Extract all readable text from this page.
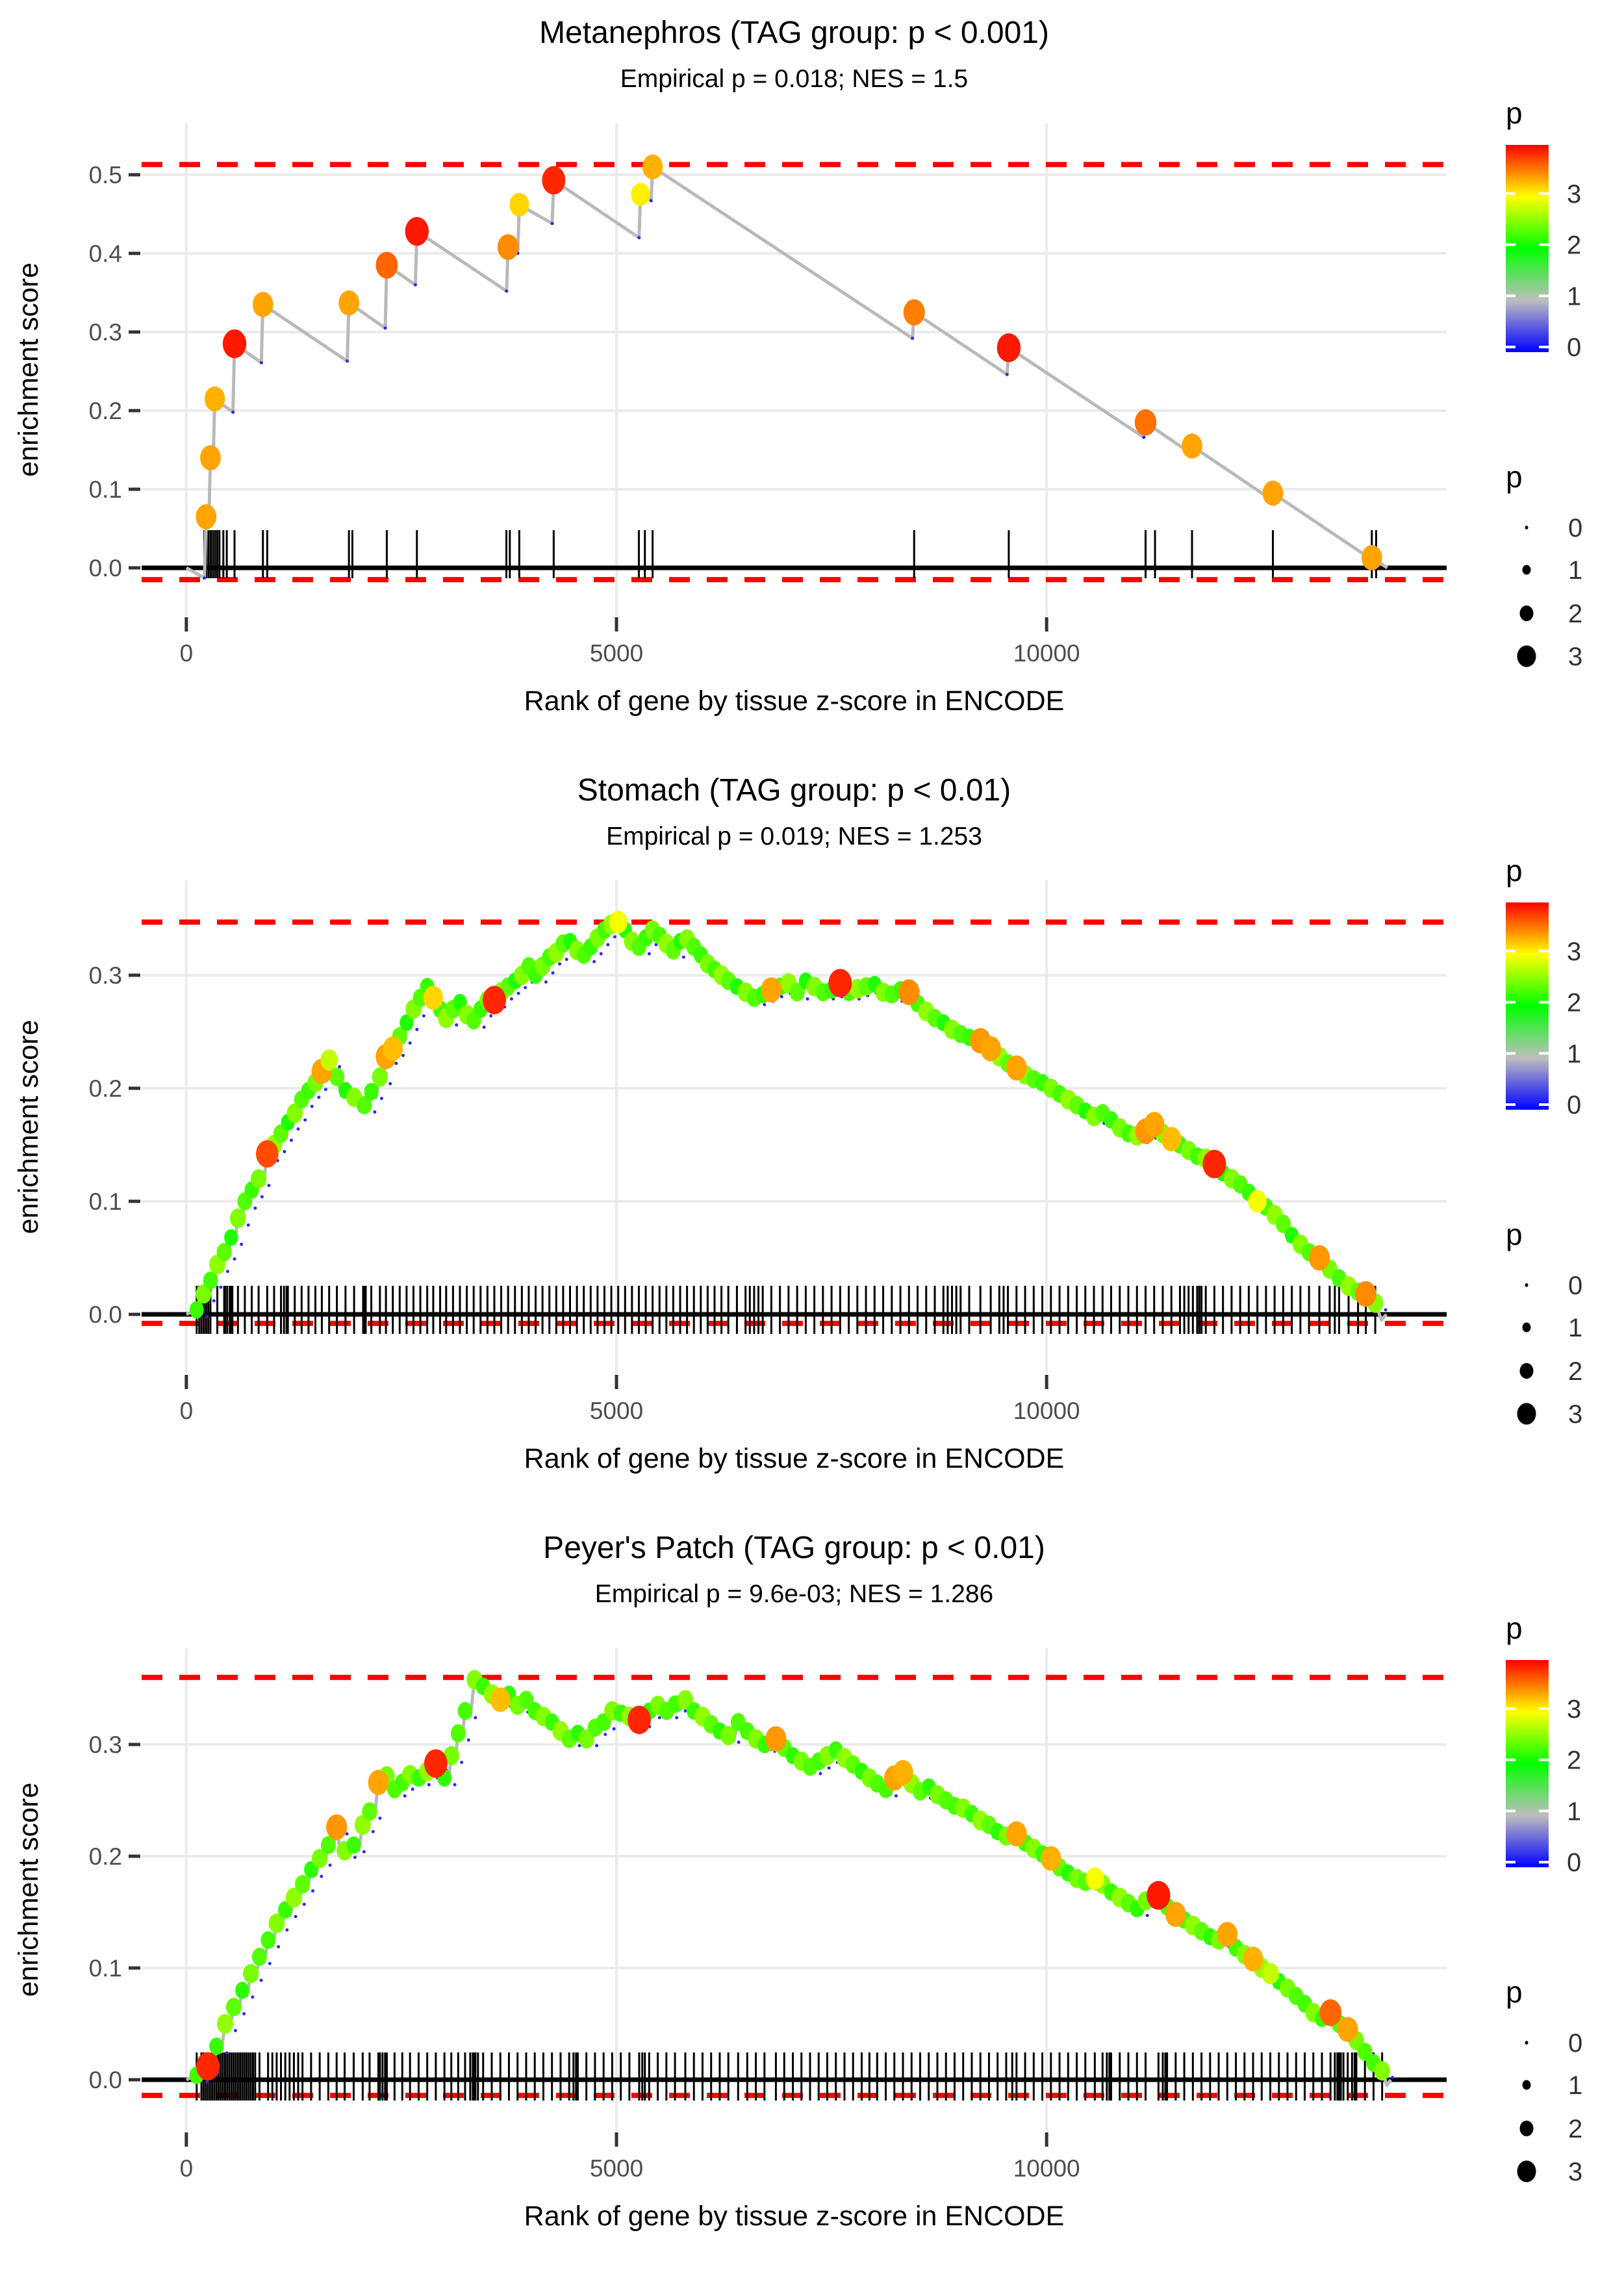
0.0
0.1
0.2
0.3
0.4
0.5
0	5000	10000
Metanephros (TAG group: p < 0.001)
Empirical p = 0.018; NES = 1.5
Rank of gene by tissue z-score in ENCODE
enrichment score
p
3
2
1
0
p
0
1
2
3
0.0
0.1
0.2
0.3
0	5000	10000
Stomach (TAG group: p < 0.01)
Empirical p = 0.019; NES = 1.253
Rank of gene by tissue z-score in ENCODE
enrichment score
p
3
2
1
0
p
0
1
2
3
0.0
0.1
0.2
0.3
0	5000	10000
Peyer's Patch (TAG group: p < 0.01)
Empirical p = 9.6e-03; NES = 1.286
Rank of gene by tissue z-score in ENCODE
enrichment score
p
3
2
1
0
p
0
1
2
3
